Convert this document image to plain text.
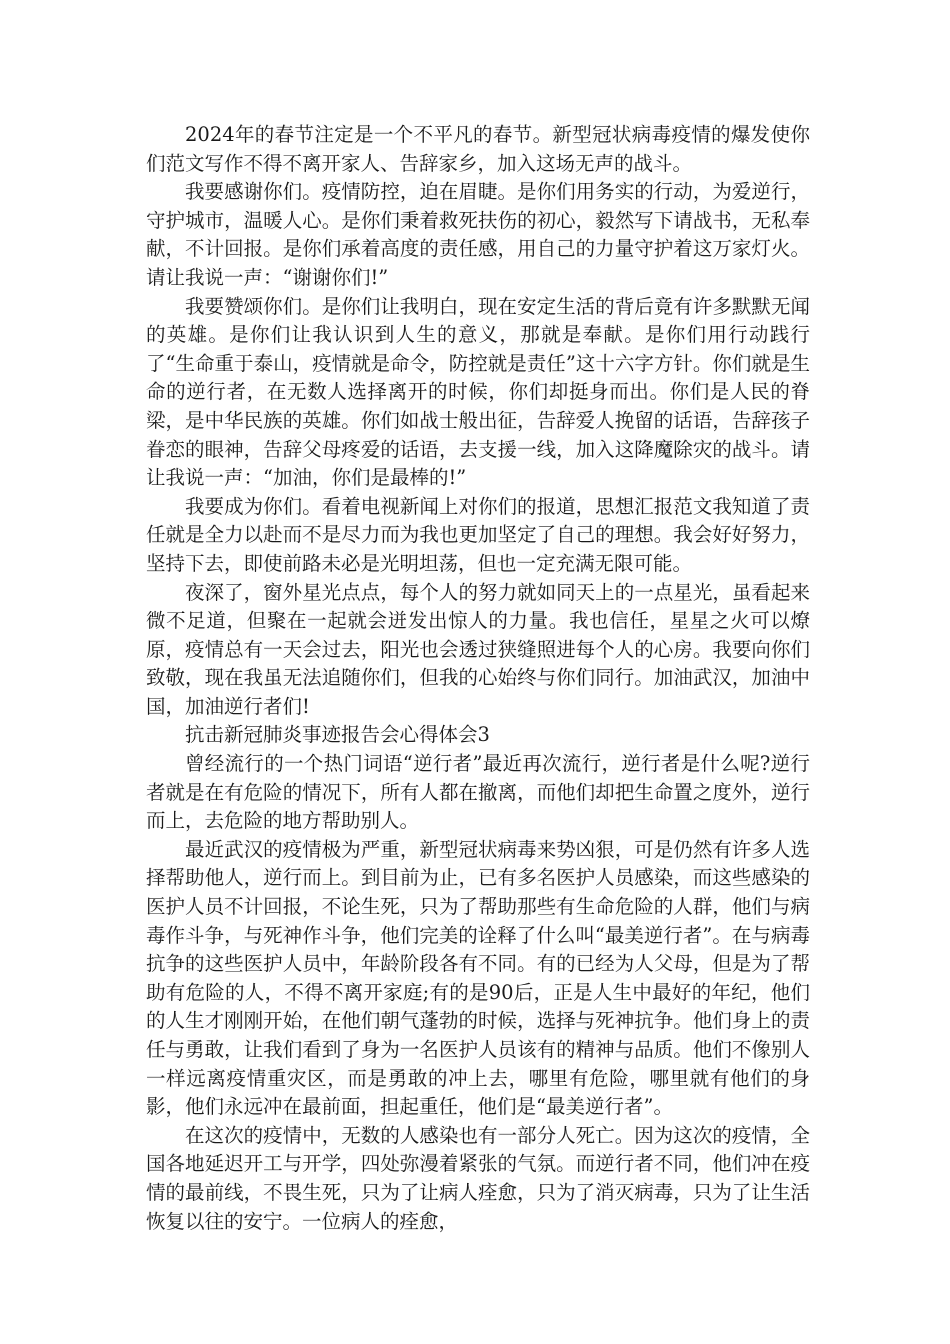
2024年的春节注定是一个不平凡的春节。新型冠状病毒疫情的爆发使你们范文写作不得不离开家人、告辞家乡，加入这场无声的战斗。

我要感谢你们。疫情防控，迫在眉睫。是你们用务实的行动，为爱逆行，守护城市，温暖人心。是你们秉着救死扶伤的初心，毅然写下请战书，无私奉献，不计回报。是你们承着高度的责任感，用自己的力量守护着这万家灯火。请让我说一声：“谢谢你们!”

我要赞颂你们。是你们让我明白，现在安定生活的背后竟有许多默默无闻的英雄。是你们让我认识到人生的意义，那就是奉献。是你们用行动践行了“生命重于泰山，疫情就是命令，防控就是责任”这十六字方针。你们就是生命的逆行者，在无数人选择离开的时候，你们却挺身而出。你们是人民的脊梁，是中华民族的英雄。你们如战士般出征，告辞爱人挽留的话语，告辞孩子眷恋的眼神，告辞父母疼爱的话语，去支援一线，加入这降魔除灾的战斗。请让我说一声：“加油，你们是最棒的!”

我要成为你们。看着电视新闻上对你们的报道，思想汇报范文我知道了责任就是全力以赴而不是尽力而为我也更加坚定了自己的理想。我会好好努力，坚持下去，即使前路未必是光明坦荡，但也一定充满无限可能。

夜深了，窗外星光点点，每个人的努力就如同天上的一点星光，虽看起来微不足道，但聚在一起就会迸发出惊人的力量。我也信任，星星之火可以燎原，疫情总有一天会过去，阳光也会透过狭缝照进每个人的心房。我要向你们致敬，现在我虽无法追随你们，但我的心始终与你们同行。加油武汉，加油中国，加油逆行者们!

抗击新冠肺炎事迹报告会心得体会3

曾经流行的一个热门词语“逆行者”最近再次流行，逆行者是什么呢?逆行者就是在有危险的情况下，所有人都在撤离，而他们却把生命置之度外，逆行而上，去危险的地方帮助别人。

最近武汉的疫情极为严重，新型冠状病毒来势凶狠，可是仍然有许多人选择帮助他人，逆行而上。到目前为止，已有多名医护人员感染，而这些感染的医护人员不计回报，不论生死，只为了帮助那些有生命危险的人群，他们与病毒作斗争，与死神作斗争，他们完美的诠释了什么叫“最美逆行者”。在与病毒抗争的这些医护人员中，年龄阶段各有不同。有的已经为人父母，但是为了帮助有危险的人，不得不离开家庭;有的是90后，正是人生中最好的年纪，他们的人生才刚刚开始，在他们朝气蓬勃的时候，选择与死神抗争。他们身上的责任与勇敢，让我们看到了身为一名医护人员该有的精神与品质。他们不像别人一样远离疫情重灾区，而是勇敢的冲上去，哪里有危险，哪里就有他们的身影，他们永远冲在最前面，担起重任，他们是“最美逆行者”。

在这次的疫情中，无数的人感染也有一部分人死亡。因为这次的疫情，全国各地延迟开工与开学，四处弥漫着紧张的气氛。而逆行者不同，他们冲在疫情的最前线，不畏生死，只为了让病人痊愈，只为了消灭病毒，只为了让生活恢复以往的安宁。一位病人的痊愈，
